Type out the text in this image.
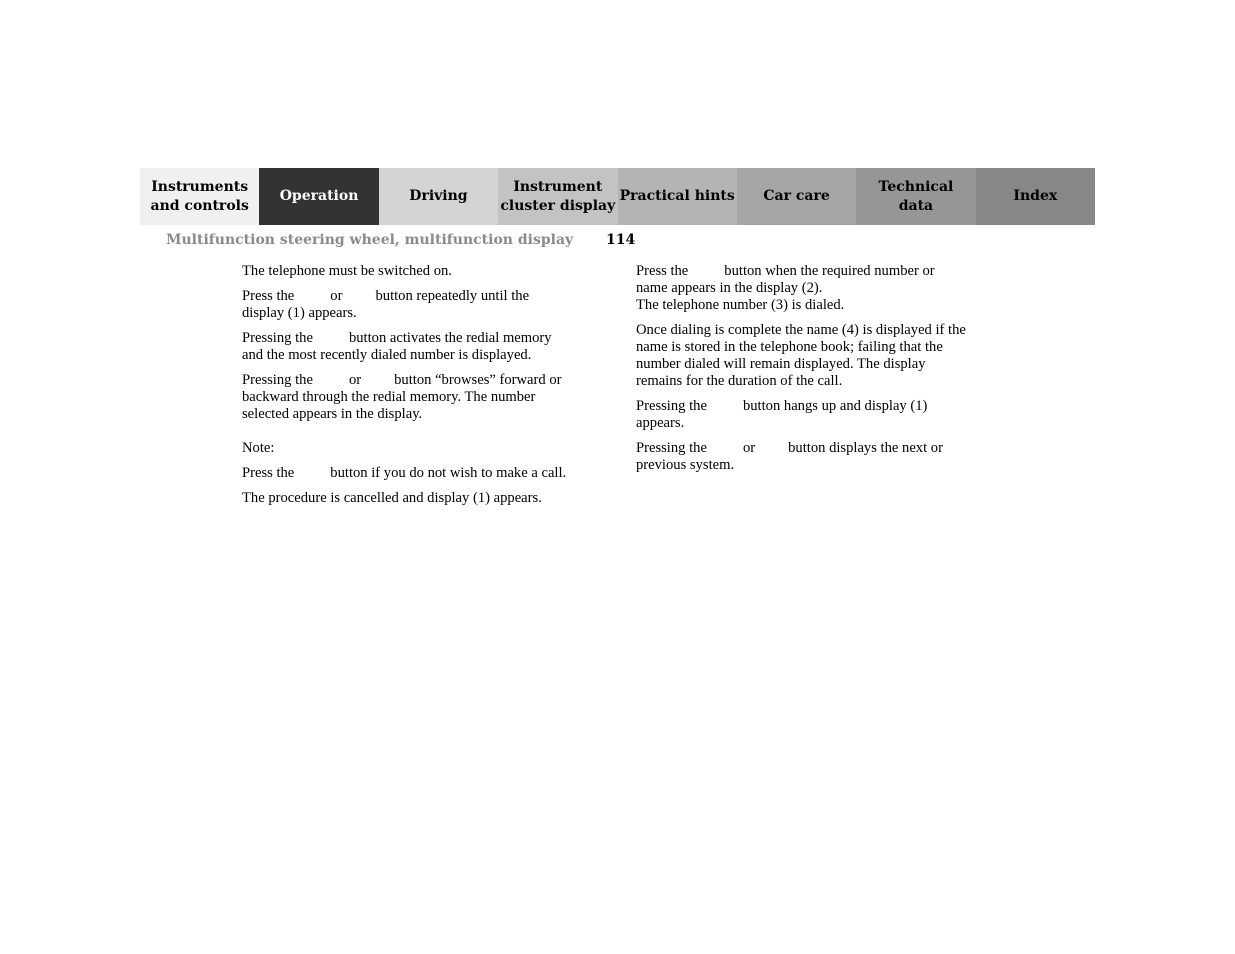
Instruments
and controls
Operation	Driving
Instrument
cluster display
Practical hints	Car care
Technical
data
Index
Multifunction steering wheel, multifunction display 114

The telephone must be switched on.

Press the or button repeatedly until the
display (1) appears.

Pressing the button activates the redial memory
and the most recently dialed number is displayed.

Pressing the or button “browses” forward or
backward through the redial memory. The number
selected appears in the display.

Note:

Press the button if you do not wish to make a call.

The procedure is cancelled and display (1) appears.

Press the button when the required number or
name appears in the display (2).
The telephone number (3) is dialed.

Once dialing is complete the name (4) is displayed if the
name is stored in the telephone book; failing that the
number dialed will remain displayed. The display
remains for the duration of the call.

Pressing the button hangs up and display (1)
appears.

Pressing the or button displays the next or
previous system.
